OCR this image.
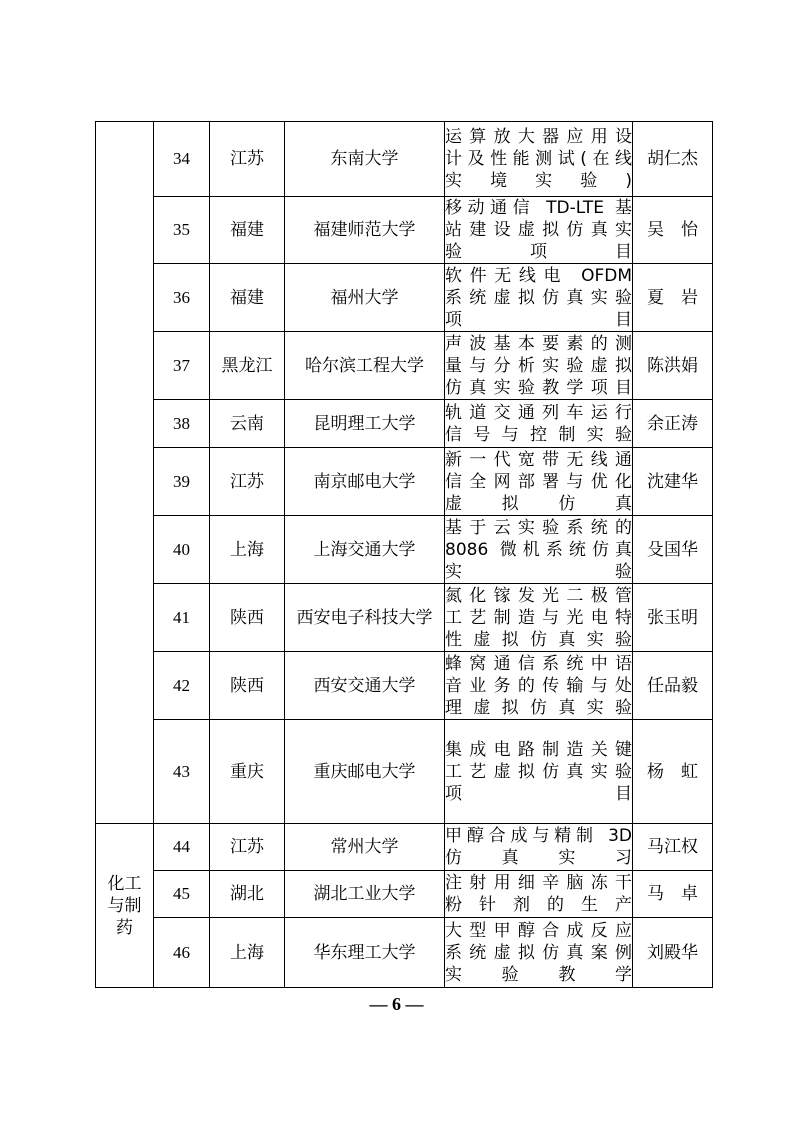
	34	江苏	东南大学	运算放大器应用设
计及性能测试(在线
实境实验)	胡仁杰
	35	福建	福建师范大学	移动通信 TD-LTE 基
站建设虚拟仿真实
验项目	吴　怡
	36	福建	福州大学	软件无线电 OFDM
系统虚拟仿真实验
项目	夏　岩
	37	黑龙江	哈尔滨工程大学	声波基本要素的测
量与分析实验虚拟
仿真实验教学项目	陈洪娟
	38	云南	昆明理工大学	轨道交通列车运行
信号与控制实验	余正涛
	39	江苏	南京邮电大学	新一代宽带无线通
信全网部署与优化
虚拟仿真	沈建华
	40	上海	上海交通大学	基于云实验系统的
8086 微机系统仿真
实验	殳国华
	41	陕西	西安电子科技大学	氮化镓发光二极管
工艺制造与光电特
性虚拟仿真实验	张玉明
	42	陕西	西安交通大学	蜂窝通信系统中语
音业务的传输与处
理虚拟仿真实验	任品毅
	43	重庆	重庆邮电大学	集成电路制造关键
工艺虚拟仿真实验
项目	杨　虹

化工
与制
药	44	江苏	常州大学	甲醇合成与精制 3D
仿真实习	马江权
	45	湖北	湖北工业大学	注射用细辛脑冻干
粉针剂的生产	马　卓
	46	上海	华东理工大学	大型甲醇合成反应
系统虚拟仿真案例
实验教学	刘殿华
— 6 —
